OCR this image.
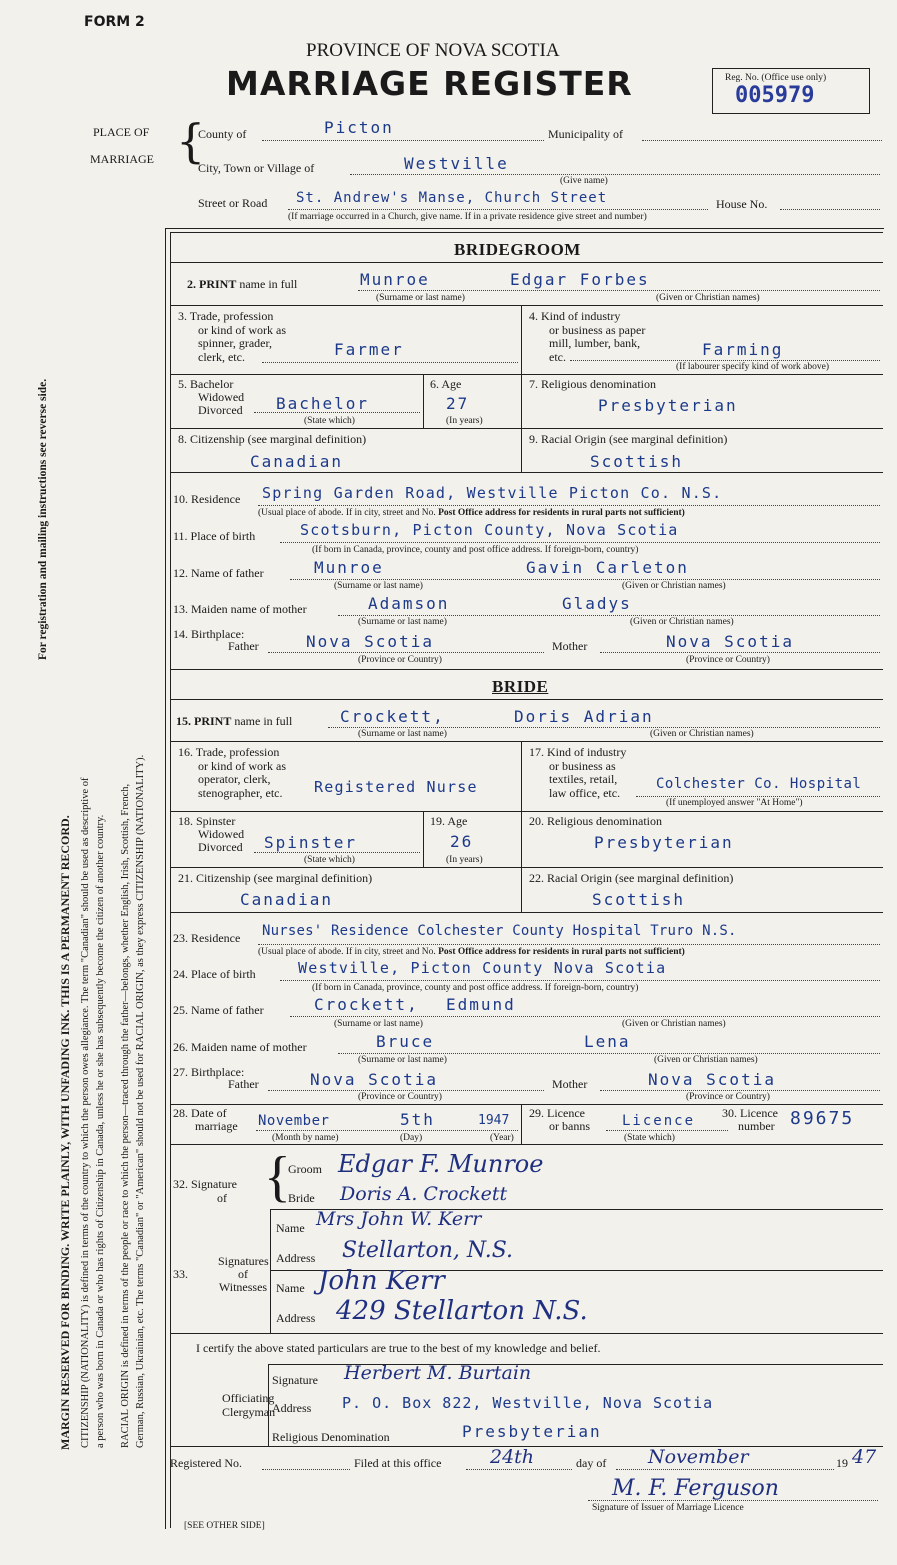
For registration and mailing instructions see reverse side.
MARGIN RESERVED FOR BINDING. WRITE PLAINLY, WITH UNFADING INK. THIS IS A PERMANENT RECORD. CITIZENSHIP (NATIONALITY) is defined in terms of the country to which the person owes allegiance. The term "Canadian" should be used as descriptive of a person who was born in Canada or who has rights of Citizenship in Canada, unless he or she has subsequently become the citizen of another country. RACIAL ORIGIN is defined in terms of the people or race to which the person—traced through the father—belongs, whether English, Irish, Scottish, French, German, Russian, Ukrainian, etc. The terms "Canadian" or "American" should not be used for RACIAL ORIGIN, as they express CITIZENSHIP (NATIONALITY).
FORM 2
PROVINCE OF NOVA SCOTIA
MARRIAGE REGISTER	Reg. No. (Office use only)
005979
PLACE OF
MARRIAGE {
County of	Picton	Municipality of
City, Town or Village of	Westville
(Give name)
Street or Road St. Andrew's Manse, Church Street	House No.
(If marriage occurred in a Church, give name. If in a private residence give street and number)
BRIDEGROOM
2. PRINT name in full	Munroe	Edgar Forbes
(Surname or last name)	(Given or Christian names)
3. Trade, profession
or kind of work as
spinner, grader,
clerk, etc.	Farmer
4. Kind of industry
or business as paper
mill, lumber, bank,
etc.	Farming
(If labourer specify kind of work above)
5. Bachelor
Widowed
Divorced Bachelor
(State which)
6. Age
27
(In years)
7. Religious denomination
Presbyterian
8. Citizenship (see marginal definition)
Canadian
9. Racial Origin (see marginal definition)
Scottish
10. Residence Spring Garden Road, Westville Picton Co. N.S.
(Usual place of abode. If in city, street and No. Post Office address for residents in rural parts not sufficient)
11. Place of birth	Scotsburn, Picton County, Nova Scotia
(If born in Canada, province, county and post office address. If foreign-born, country)
12. Name of father	Munroe	Gavin Carleton
(Surname or last name)	(Given or Christian names)
13. Maiden name of mother	Adamson	Gladys
(Surname or last name)	(Given or Christian names)
14. Birthplace:
Father	Nova Scotia	Mother	Nova Scotia
(Province or Country)	(Province or Country)
BRIDE
15. PRINT name in full	Crockett,	Doris Adrian
(Surname or last name)	(Given or Christian names)
16. Trade, profession
or kind of work as
operator, clerk,
stenographer, etc. Registered Nurse
17. Kind of industry
or business as
textiles, retail,
law office, etc.
Colchester Co. Hospital
(If unemployed answer "At Home")
18. Spinster
Widowed
Divorced Spinster
(State which)
19. Age
26
(In years)
20. Religious denomination
Presbyterian
21. Citizenship (see marginal definition)
Canadian
22. Racial Origin (see marginal definition)
Scottish
23. Residence Nurses' Residence Colchester County Hospital Truro N.S.
(Usual place of abode. If in city, street and No. Post Office address for residents in rural parts not sufficient)
24. Place of birth	Westville, Picton County Nova Scotia
(If born in Canada, province, county and post office address. If foreign-born, country)
25. Name of father	Crockett, Edmund
(Surname or last name)	(Given or Christian names)
26. Maiden name of mother	Bruce	Lena
(Surname or last name)	(Given or Christian names)
27. Birthplace:
Father	Nova Scotia	Mother	Nova Scotia
(Province or Country)	(Province or Country)
28. Date of
marriage November	5th	1947
(Month by name)	(Day)	(Year)
29. Licence
or banns Licence
(State which)
30. Licence
number 89675
32. Signature
of {
Groom Edgar F. Munroe
Bride Doris A. Crockett
33.
Signatures
of
Witnesses
Name Mrs John W. Kerr
Address Stellarton, N.S.
Name John Kerr
Address 429 Stellarton N.S.
I certify the above stated particulars are true to the best of my knowledge and belief.
Officiating
Clergyman
Signature Herbert M. Burtain
Address P. O. Box 822, Westville, Nova Scotia
Religious Denomination	Presbyterian
Registered No.	Filed at this office	24th	day of November	19 47
M. F. Ferguson
Signature of Issuer of Marriage Licence
[SEE OTHER SIDE]
